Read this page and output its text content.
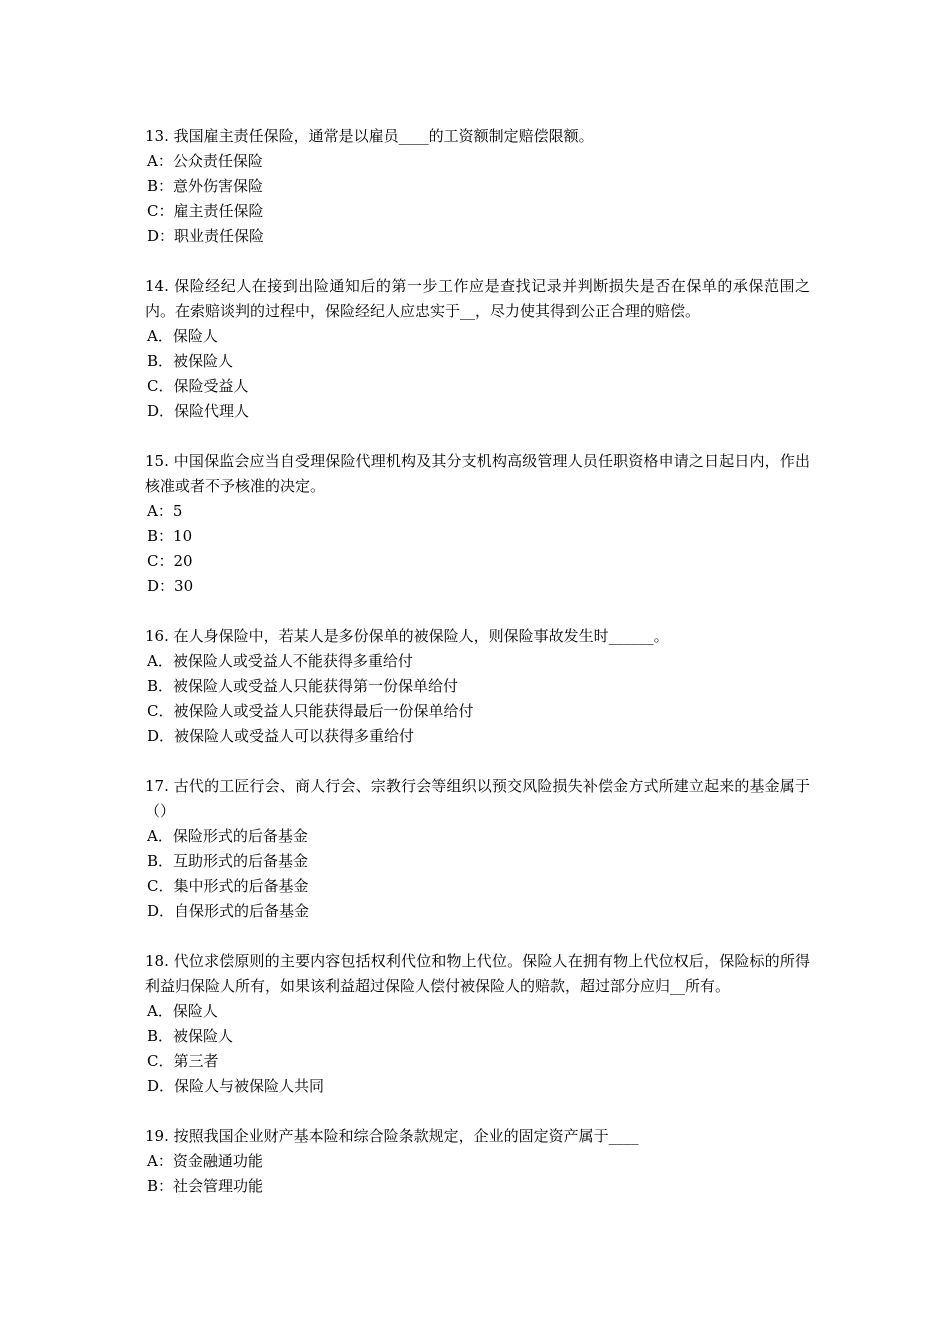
13. 我国雇主责任保险，通常是以雇员____的工资额制定赔偿限额。

A：公众责任保险
B：意外伤害保险
C：雇主责任保险
D：职业责任保险

14. 保险经纪人在接到出险通知后的第一步工作应是查找记录并判断损失是否在保单的承保范围之内。在索赔谈判的过程中，保险经纪人应忠实于__，尽力使其得到公正合理的赔偿。

A．保险人
B．被保险人
C．保险受益人
D．保险代理人

15. 中国保监会应当自受理保险代理机构及其分支机构高级管理人员任职资格申请之日起日内，作出核准或者不予核准的决定。

A：5
B：10
C：20
D：30

16. 在人身保险中，若某人是多份保单的被保险人，则保险事故发生时______。

A．被保险人或受益人不能获得多重给付
B．被保险人或受益人只能获得第一份保单给付
C．被保险人或受益人只能获得最后一份保单给付
D．被保险人或受益人可以获得多重给付

17. 古代的工匠行会、商人行会、宗教行会等组织以预交风险损失补偿金方式所建立起来的基金属于（）

A．保险形式的后备基金
B．互助形式的后备基金
C．集中形式的后备基金
D．自保形式的后备基金

18. 代位求偿原则的主要内容包括权利代位和物上代位。保险人在拥有物上代位权后，保险标的所得利益归保险人所有，如果该利益超过保险人偿付被保险人的赔款，超过部分应归__所有。

A．保险人
B．被保险人
C．第三者
D．保险人与被保险人共同

19. 按照我国企业财产基本险和综合险条款规定，企业的固定资产属于____

A：资金融通功能
B：社会管理功能
